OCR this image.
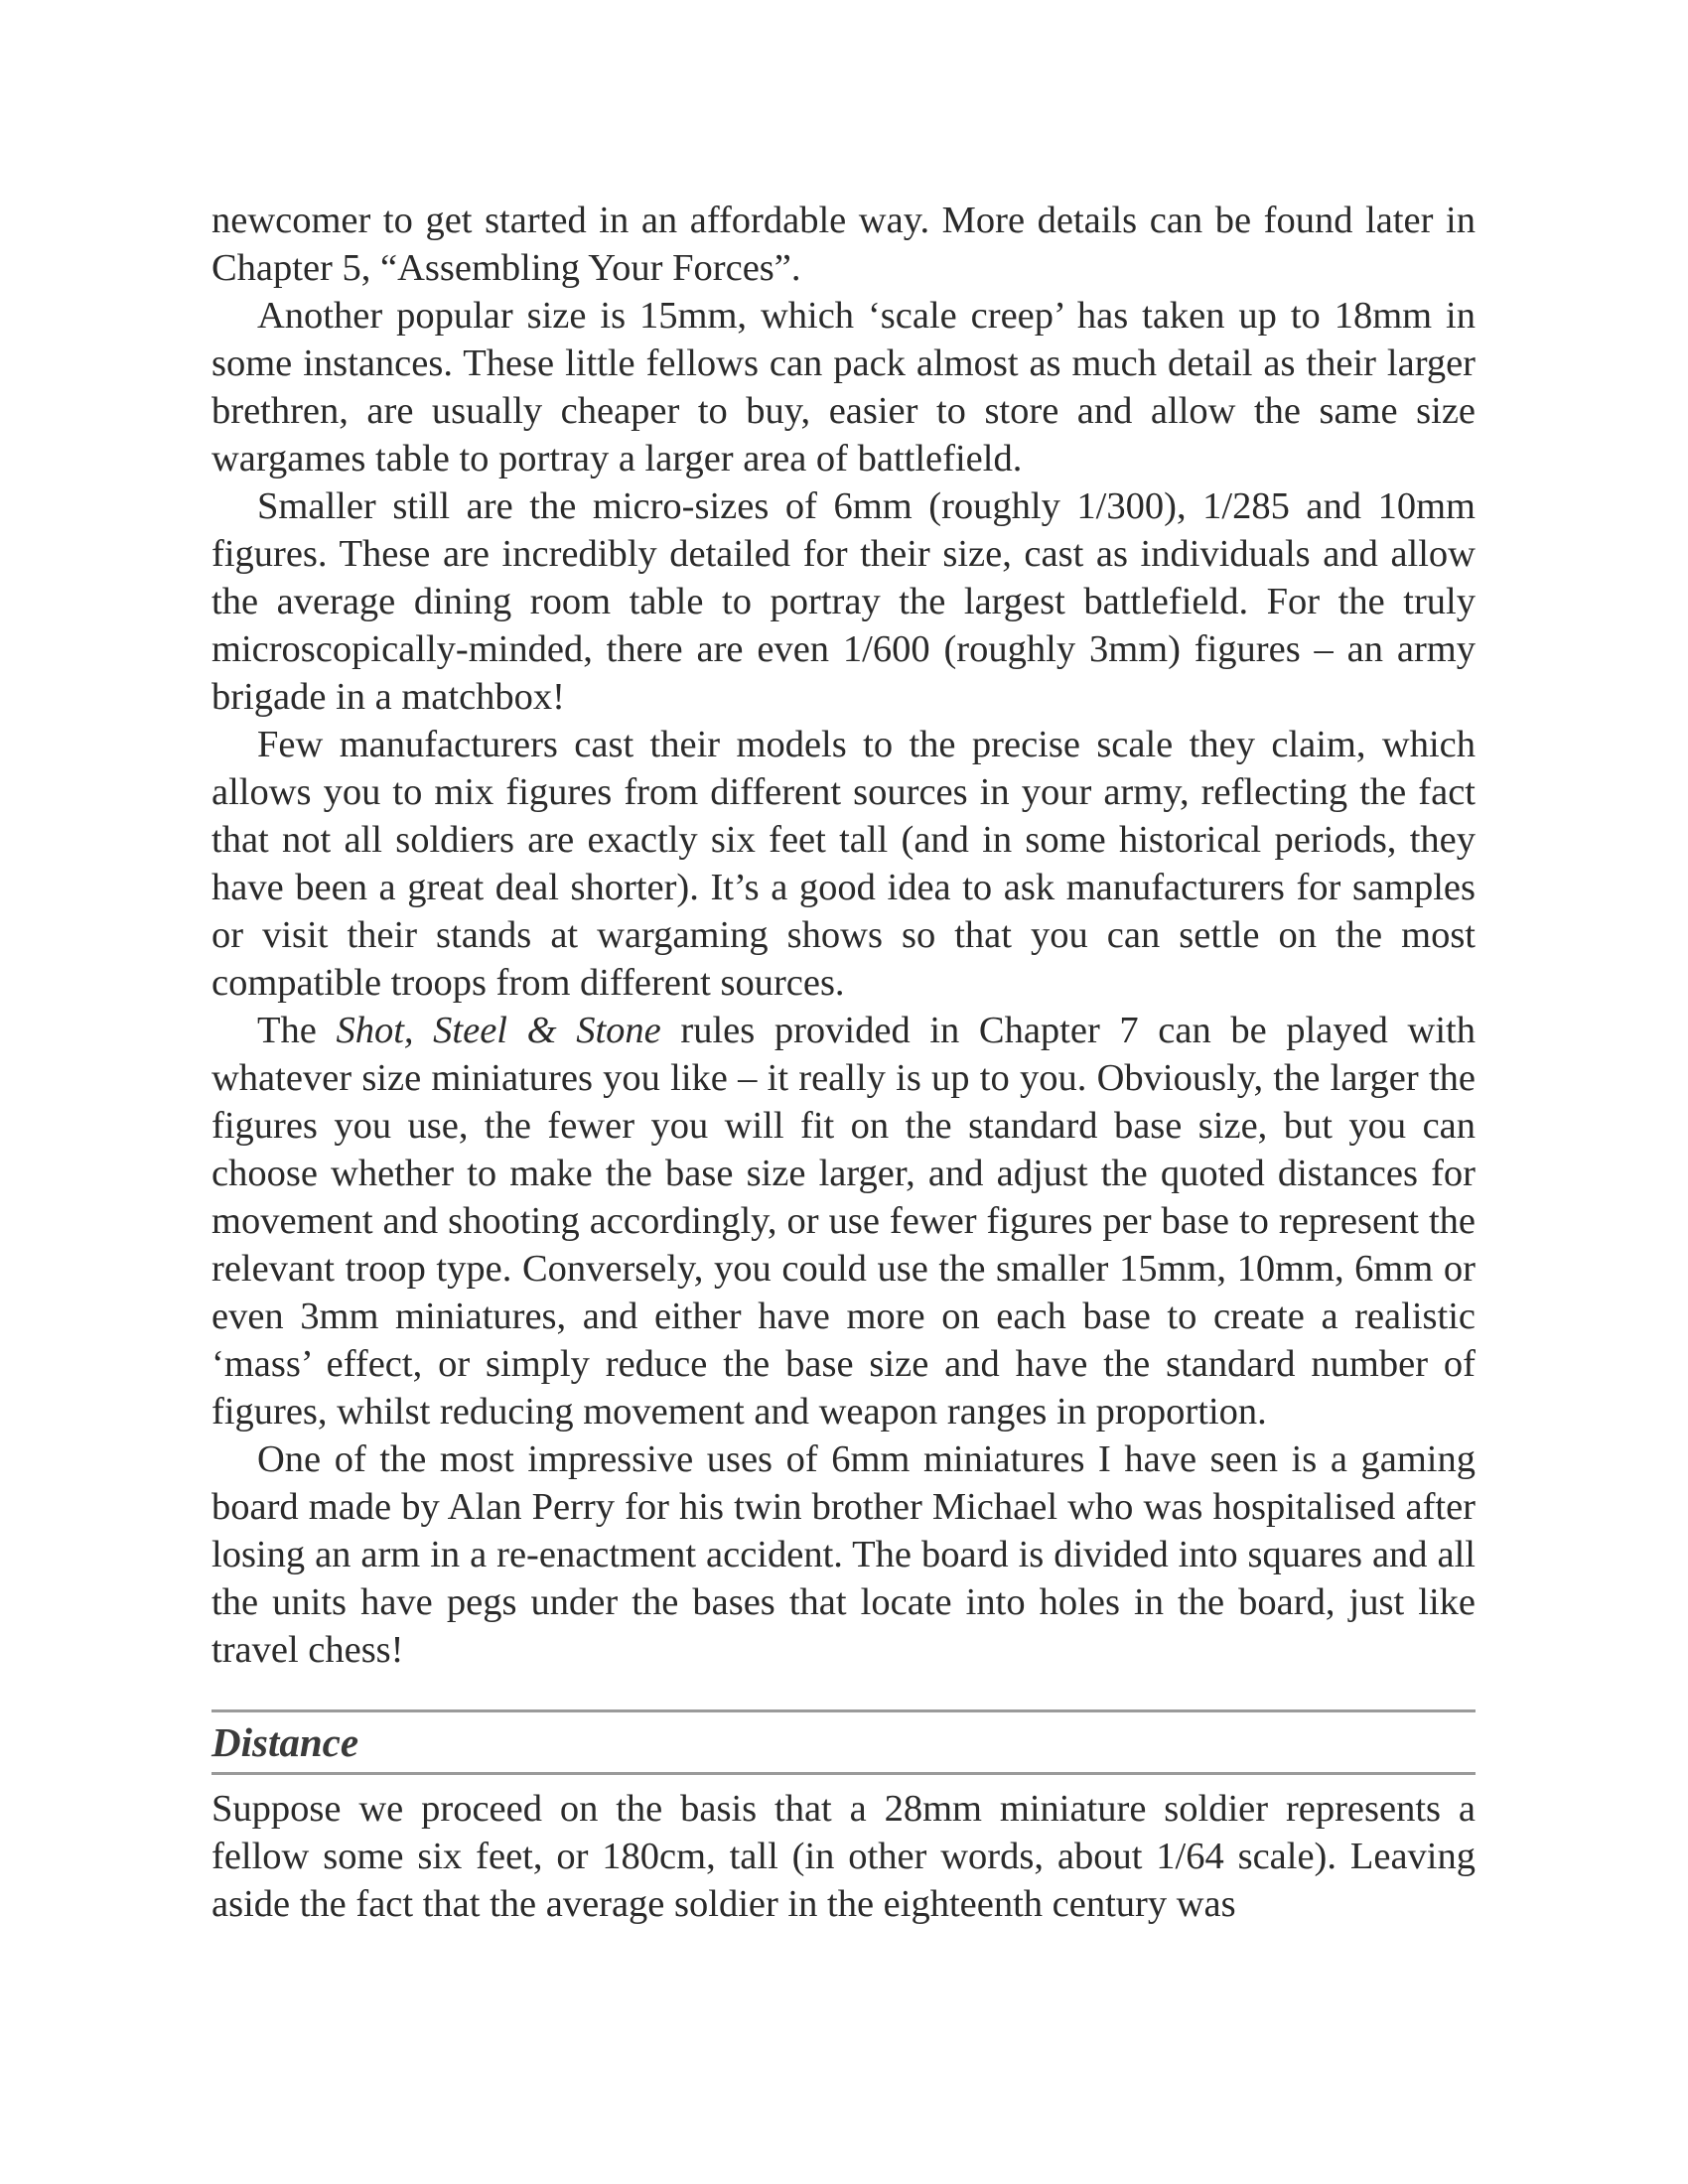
newcomer to get started in an affordable way. More details can be found later in Chapter 5, “Assembling Your Forces”.

Another popular size is 15mm, which ‘scale creep’ has taken up to 18mm in some instances. These little fellows can pack almost as much detail as their larger brethren, are usually cheaper to buy, easier to store and allow the same size wargames table to portray a larger area of battlefield.

Smaller still are the micro-sizes of 6mm (roughly 1/300), 1/285 and 10mm figures. These are incredibly detailed for their size, cast as individuals and allow the average dining room table to portray the largest battlefield. For the truly microscopically-minded, there are even 1/600 (roughly 3mm) figures – an army brigade in a matchbox!

Few manufacturers cast their models to the precise scale they claim, which allows you to mix figures from different sources in your army, reflecting the fact that not all soldiers are exactly six feet tall (and in some historical periods, they have been a great deal shorter). It’s a good idea to ask manufacturers for samples or visit their stands at wargaming shows so that you can settle on the most compatible troops from different sources.

The Shot, Steel & Stone rules provided in Chapter 7 can be played with whatever size miniatures you like – it really is up to you. Obviously, the larger the figures you use, the fewer you will fit on the standard base size, but you can choose whether to make the base size larger, and adjust the quoted distances for movement and shooting accordingly, or use fewer figures per base to represent the relevant troop type. Conversely, you could use the smaller 15mm, 10mm, 6mm or even 3mm miniatures, and either have more on each base to create a realistic ‘mass’ effect, or simply reduce the base size and have the standard number of figures, whilst reducing movement and weapon ranges in proportion.

One of the most impressive uses of 6mm miniatures I have seen is a gaming board made by Alan Perry for his twin brother Michael who was hospitalised after losing an arm in a re-enactment accident. The board is divided into squares and all the units have pegs under the bases that locate into holes in the board, just like travel chess!

Distance

Suppose we proceed on the basis that a 28mm miniature soldier represents a fellow some six feet, or 180cm, tall (in other words, about 1/64 scale). Leaving aside the fact that the average soldier in the eighteenth century was
